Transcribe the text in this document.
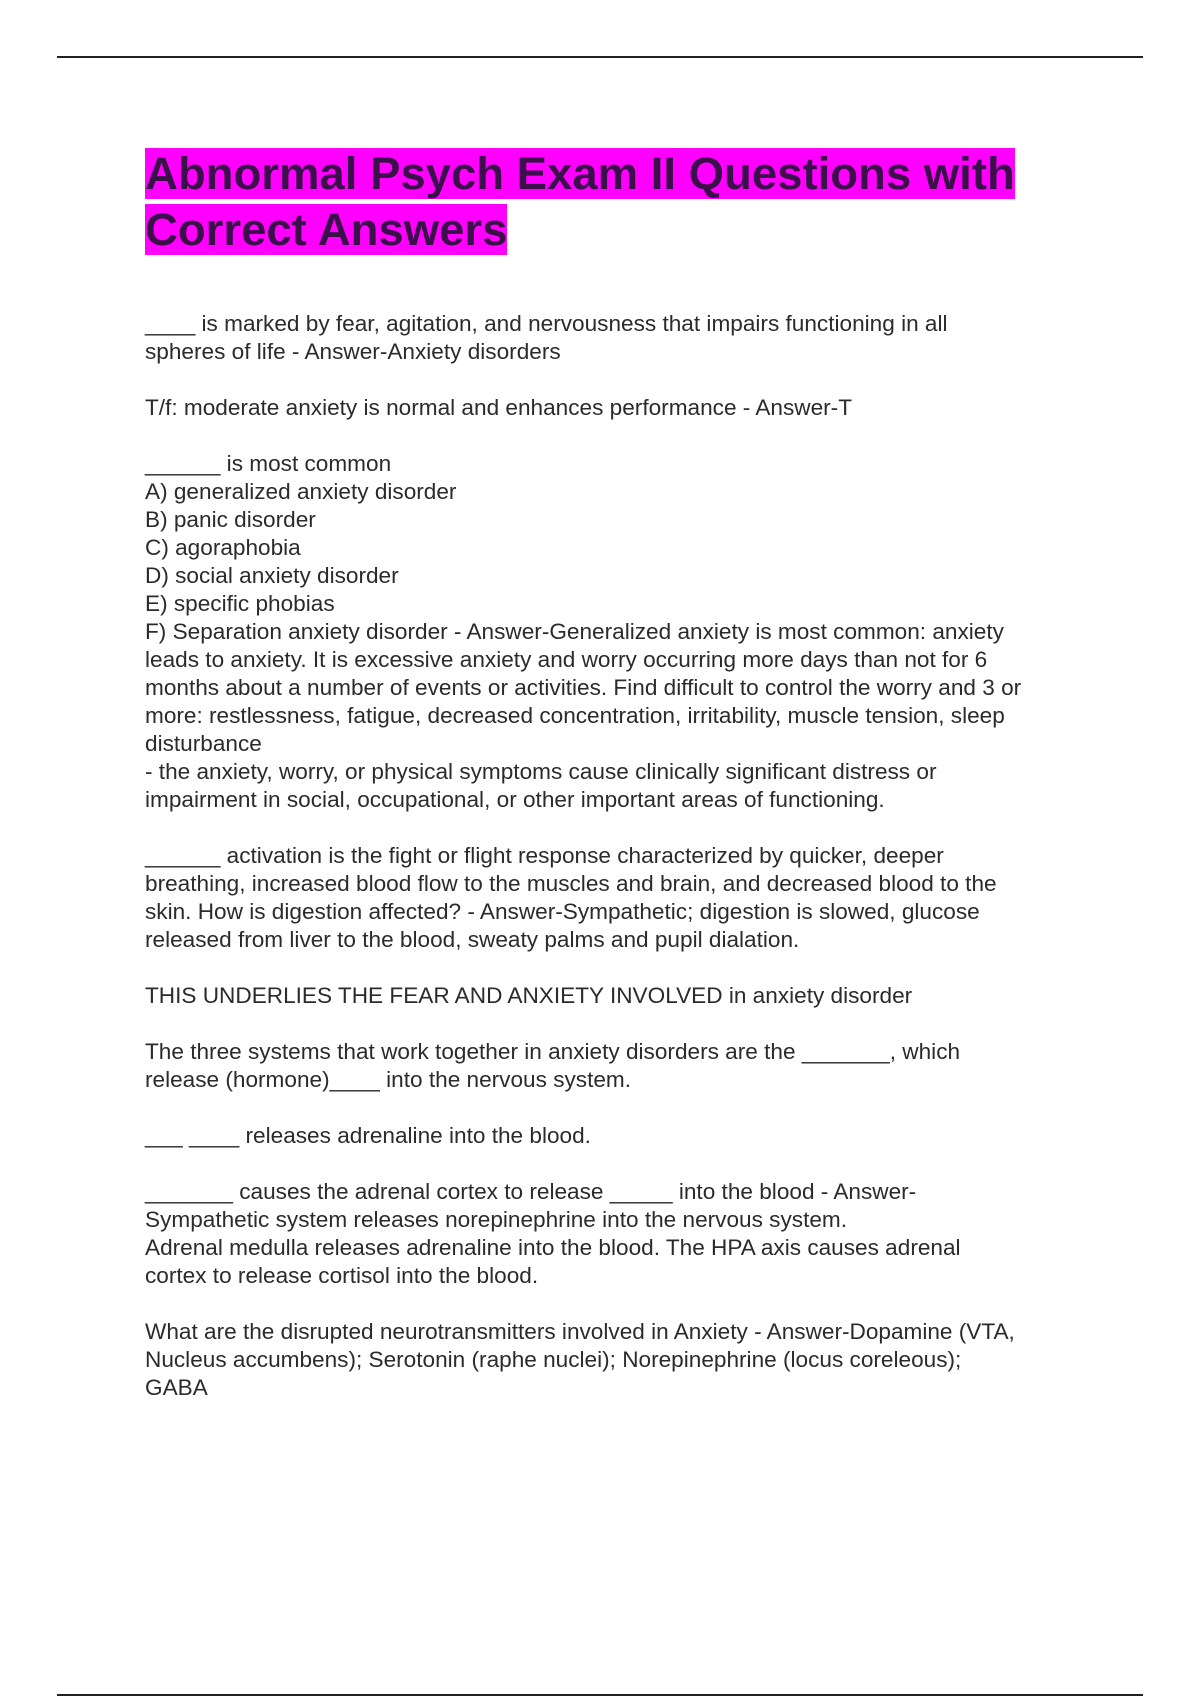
Abnormal Psych Exam II Questions with
Correct Answers
____ is marked by fear, agitation, and nervousness that impairs functioning in all
spheres of life - Answer-Anxiety disorders
T/f: moderate anxiety is normal and enhances performance - Answer-T
______ is most common
A) generalized anxiety disorder
B) panic disorder
C) agoraphobia
D) social anxiety disorder
E) specific phobias
F) Separation anxiety disorder - Answer-Generalized anxiety is most common: anxiety
leads to anxiety. It is excessive anxiety and worry occurring more days than not for 6
months about a number of events or activities. Find difficult to control the worry and 3 or
more: restlessness, fatigue, decreased concentration, irritability, muscle tension, sleep
disturbance
- the anxiety, worry, or physical symptoms cause clinically significant distress or
impairment in social, occupational, or other important areas of functioning.
______ activation is the fight or flight response characterized by quicker, deeper
breathing, increased blood flow to the muscles and brain, and decreased blood to the
skin. How is digestion affected? - Answer-Sympathetic; digestion is slowed, glucose
released from liver to the blood, sweaty palms and pupil dialation.
THIS UNDERLIES THE FEAR AND ANXIETY INVOLVED in anxiety disorder
The three systems that work together in anxiety disorders are the _______, which
release (hormone)____ into the nervous system.
___ ____ releases adrenaline into the blood.
_______ causes the adrenal cortex to release _____ into the blood - Answer-
Sympathetic system releases norepinephrine into the nervous system.
Adrenal medulla releases adrenaline into the blood. The HPA axis causes adrenal
cortex to release cortisol into the blood.
What are the disrupted neurotransmitters involved in Anxiety - Answer-Dopamine (VTA,
Nucleus accumbens); Serotonin (raphe nuclei); Norepinephrine (locus coreleous);
GABA
